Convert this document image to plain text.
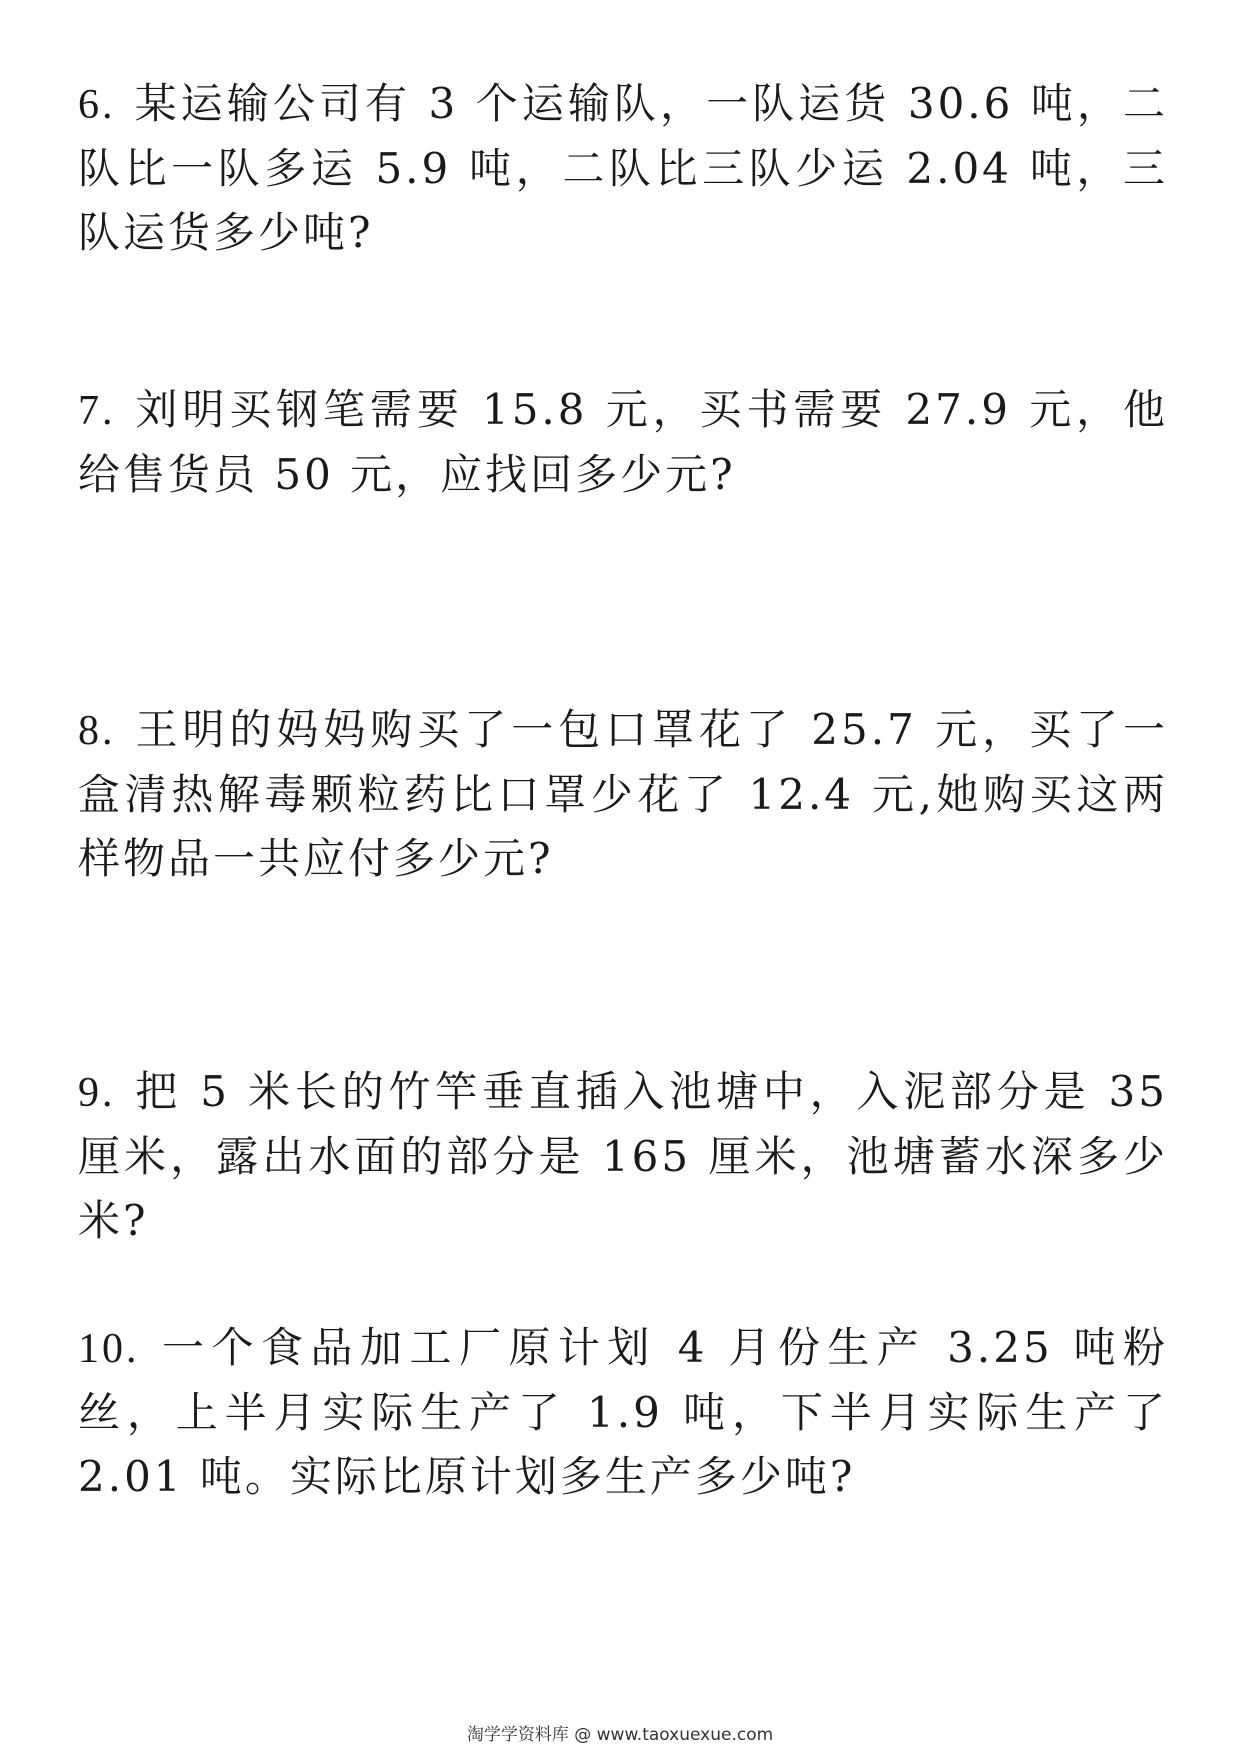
6. 某运输公司有 3 个运输队，一队运货 30.6 吨，二队比一队多运 5.9 吨，二队比三队少运 2.04 吨，三队运货多少吨?

7. 刘明买钢笔需要 15.8 元，买书需要 27.9 元，他给售货员 50 元，应找回多少元?

8. 王明的妈妈购买了一包口罩花了 25.7 元，买了一盒清热解毒颗粒药比口罩少花了 12.4 元,她购买这两样物品一共应付多少元?

9. 把 5 米长的竹竿垂直插入池塘中，入泥部分是 35 厘米，露出水面的部分是 165 厘米，池塘蓄水深多少米?

10. 一个食品加工厂原计划 4 月份生产 3.25 吨粉丝，上半月实际生产了 1.9 吨，下半月实际生产了 2.01 吨。实际比原计划多生产多少吨?

淘学学资料库 @ www.taoxuexue.com
